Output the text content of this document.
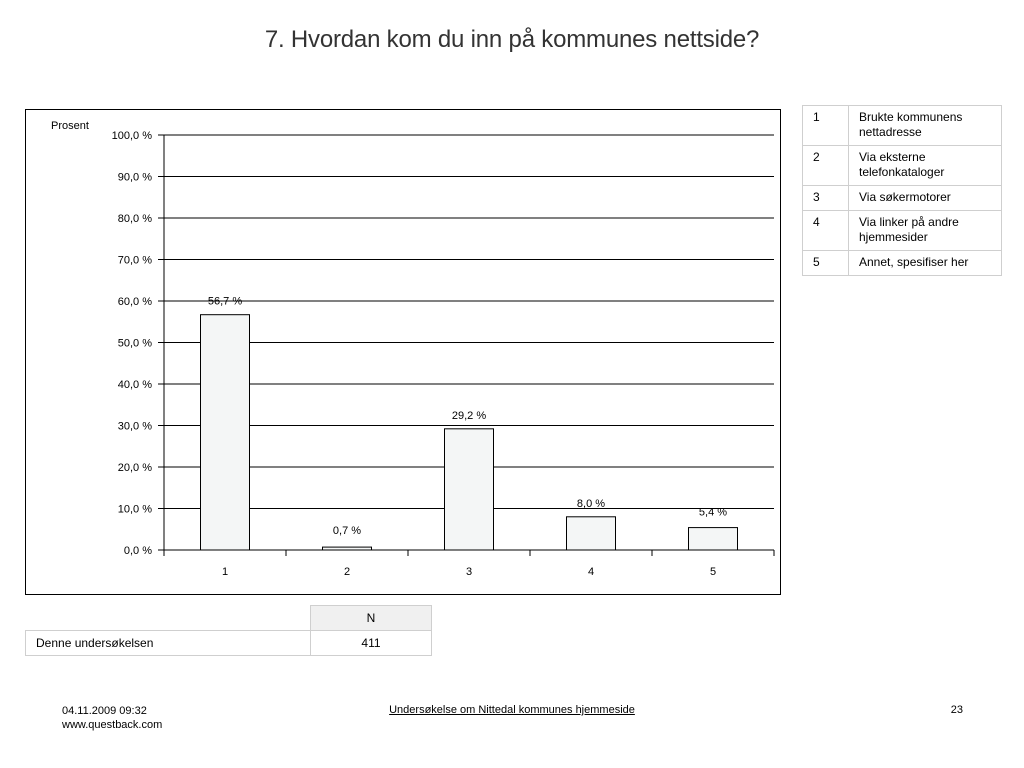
7. Hvordan kom du inn på kommunes nettside?
Prosent
0,0 %
10,0 %
20,0 %
30,0 %
40,0 %
50,0 %
60,0 %
70,0 %
80,0 %
90,0 %
100,0 %
56,7 %
1
0,7 %
2
29,2 %
3
8,0 %
4
5,4 %
5
1	Brukte kommunens nettadresse
2	Via eksterne telefonkataloger
3	Via søkermotorer
4	Via linker på andre hjemmesider
5	Annet, spesifiser her
	N
Denne undersøkelsen	411
04.11.2009 09:32
www.questback.com
Undersøkelse om Nittedal kommunes hjemmeside	23
